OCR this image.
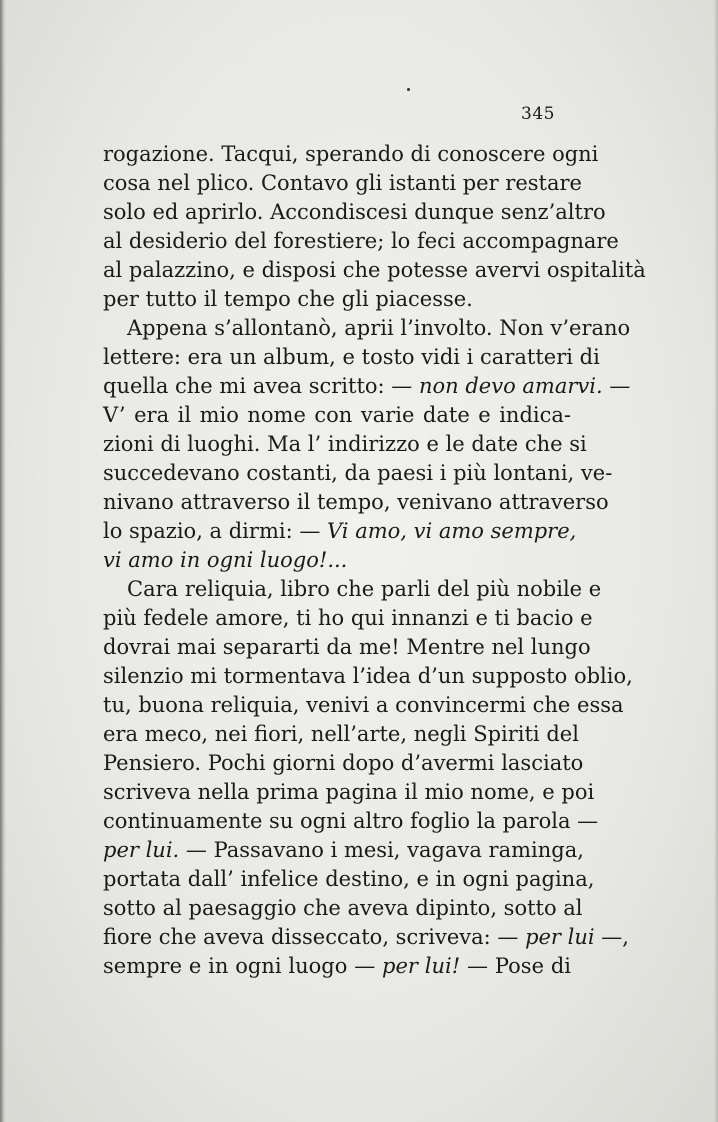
345
rogazione. Tacqui, sperando di conoscere ogni
cosa nel plico. Contavo gli istanti per restare
solo ed aprirlo. Accondiscesi dunque senz’altro
al desiderio del forestiere; lo feci accompagnare
al palazzino, e disposi che potesse avervi ospitalità
per tutto il tempo che gli piacesse.
Appena s’allontanò, aprii l’involto. Non v’erano
lettere: era un album, e tosto vidi i caratteri di
quella che mi avea scritto: — non devo amarvi. —
V’ era il mio nome con varie date e indica-
zioni di luoghi. Ma l’ indirizzo e le date che si
succedevano costanti, da paesi i più lontani, ve-
nivano attraverso il tempo, venivano attraverso
lo spazio, a dirmi: — Vi amo, vi amo sempre,
vi amo in ogni luogo!...
Cara reliquia, libro che parli del più nobile e
più fedele amore, ti ho qui innanzi e ti bacio e
dovrai mai separarti da me! Mentre nel lungo
silenzio mi tormentava l’idea d’un supposto oblio,
tu, buona reliquia, venivi a convincermi che essa
era meco, nei fiori, nell’arte, negli Spiriti del
Pensiero. Pochi giorni dopo d’avermi lasciato
scriveva nella prima pagina il mio nome, e poi
continuamente su ogni altro foglio la parola —
per lui. — Passavano i mesi, vagava raminga,
portata dall’ infelice destino, e in ogni pagina,
sotto al paesaggio che aveva dipinto, sotto al
fiore che aveva disseccato, scriveva: — per lui —,
sempre e in ogni luogo — per lui! — Pose di
